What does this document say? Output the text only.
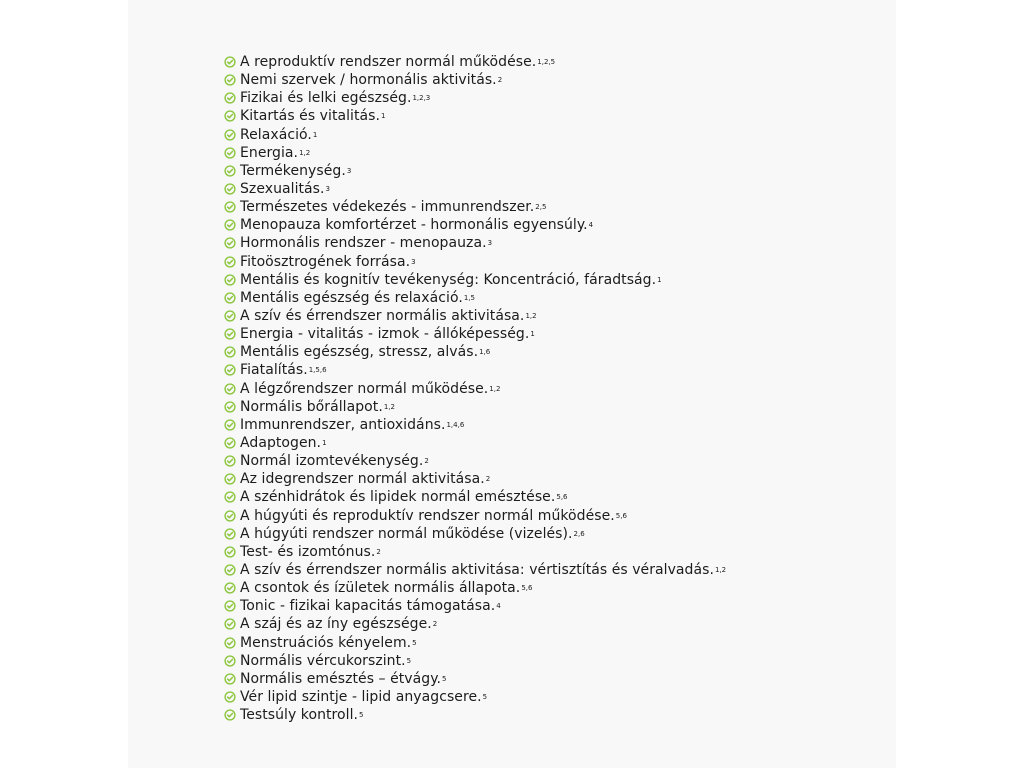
A reproduktív rendszer normál működése. 1,2,5
Nemi szervek / hormonális aktivitás. 2
Fizikai és lelki egészség. 1,2,3
Kitartás és vitalitás. 1
Relaxáció. 1
Energia. 1,2
Termékenység. 3
Szexualitás. 3
Természetes védekezés - immunrendszer. 2,5
Menopauza komfortérzet - hormonális egyensúly. 4
Hormonális rendszer - menopauza. 3
Fitoösztrogének forrása. 3
Mentális és kognitív tevékenység: Koncentráció, fáradtság. 1
Mentális egészség és relaxáció. 1,5
A szív és érrendszer normális aktivitása. 1,2
Energia - vitalitás - izmok - állóképesség. 1
Mentális egészség, stressz, alvás. 1,6
Fiatalítás. 1,5,6
A légzőrendszer normál működése. 1,2
Normális bőrállapot. 1,2
Immunrendszer, antioxidáns. 1,4,6
Adaptogen. 1
Normál izomtevékenység. 2
Az idegrendszer normál aktivitása. 2
A szénhidrátok és lipidek normál emésztése. 5,6
A húgyúti és reproduktív rendszer normál működése. 5,6
A húgyúti rendszer normál működése (vizelés). 2,6
Test- és izomtónus. 2
A szív és érrendszer normális aktivitása: vértisztítás és véralvadás. 1,2
A csontok és ízületek normális állapota. 5,6
Tonic - fizikai kapacitás támogatása. 4
A száj és az íny egészsége. 2
Menstruációs kényelem. 5
Normális vércukorszint. 5
Normális emésztés – étvágy. 5
Vér lipid szintje - lipid anyagcsere. 5
Testsúly kontroll. 5
